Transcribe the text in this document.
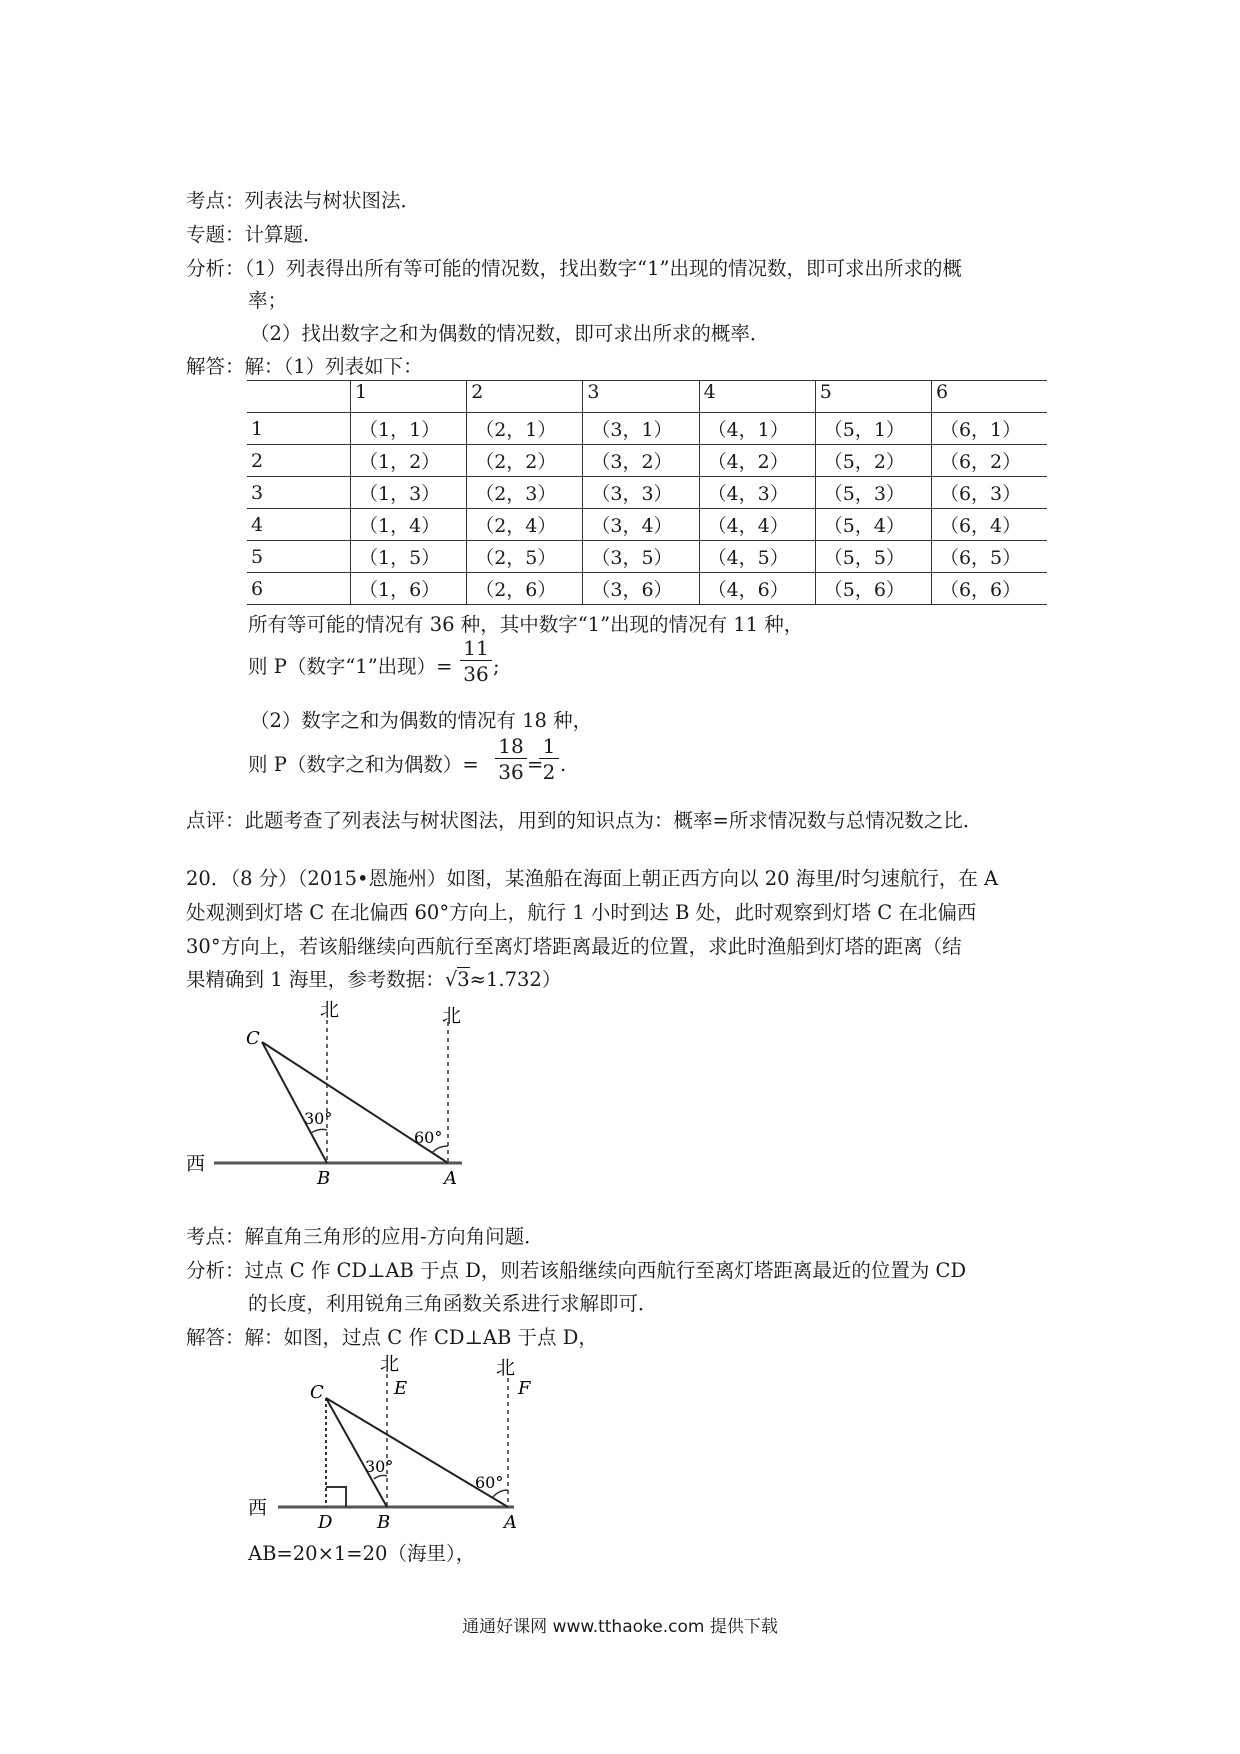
考点：列表法与树状图法．
专题：计算题．
分析：（1）列表得出所有等可能的情况数，找出数字“1”出现的情况数，即可求出所求的概
率；
（2）找出数字之和为偶数的情况数，即可求出所求的概率．
解答：解：（1）列表如下：
	1	2	3	4	5	6
1	（1，1）	（2，1）	（3，1）	（4，1）	（5，1）	（6，1）
2	（1，2）	（2，2）	（3，2）	（4，2）	（5，2）	（6，2）
3	（1，3）	（2，3）	（3，3）	（4，3）	（5，3）	（6，3）
4	（1，4）	（2，4）	（3，4）	（4，4）	（5，4）	（6，4）
5	（1，5）	（2，5）	（3，5）	（4，5）	（5，5）	（6，5）
6	（1，6）	（2，6）	（3，6）	（4，6）	（5，6）	（6，6）
所有等可能的情况有 36 种，其中数字“1”出现的情况有 11 种，
则 P（数字“1”出现）= $\frac{11}{36}$ ;
（2）数字之和为偶数的情况有 18 种，
则 P（数字之和为偶数）= $\frac{18}{36}$ =
$\frac{1}{2}$ .
点评：此题考查了列表法与树状图法，用到的知识点为：概率=所求情况数与总情况数之比．
20．（8 分）（2015•恩施州）如图，某渔船在海面上朝正西方向以 20 海里/时匀速航行，在 A
处观测到灯塔 C 在北偏西 60°方向上，航行 1 小时到达 B 处，此时观察到灯塔 C 在北偏西
30°方向上，若该船继续向西航行至离灯塔距离最近的位置，求此时渔船到灯塔的距离（结
果精确到 1 海里，参考数据：√3≈1.732）
北	北
西
C
B	A
30°
60°
考点：解直角三角形的应用-方向角问题．
分析：过点 C 作 CD⊥AB 于点 D，则若该船继续向西航行至离灯塔距离最近的位置为 CD
的长度，利用锐角三角函数关系进行求解即可．
解答：解：如图，过点 C 作 CD⊥AB 于点 D，
北	北
西
C	E	F
D B	A
30°
60°
AB=20×1=20（海里），
通通好课网 www.tthaoke.com 提供下载
